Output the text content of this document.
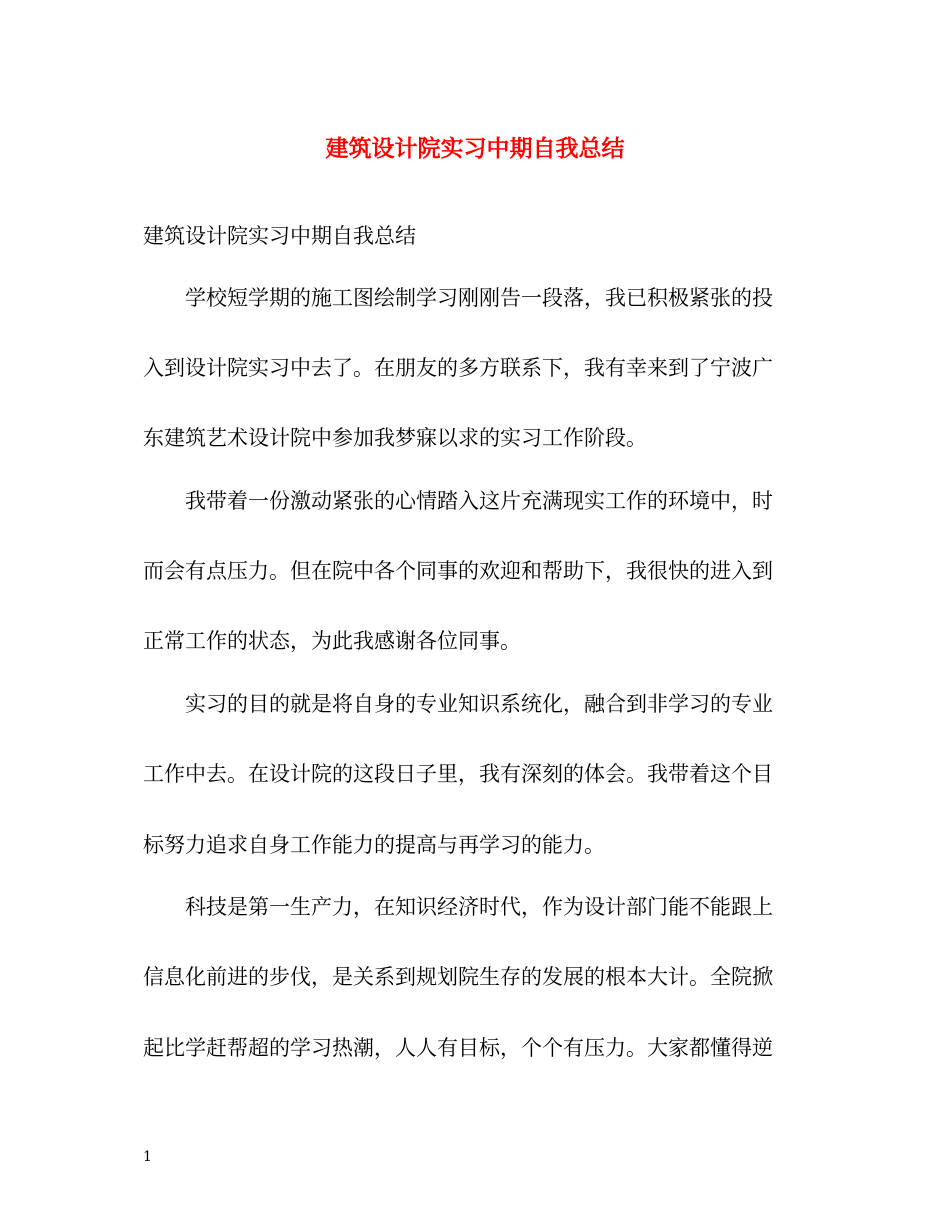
建筑设计院实习中期自我总结
建筑设计院实习中期自我总结
学校短学期的施工图绘制学习刚刚告一段落，我已积极紧张的投
入到设计院实习中去了。在朋友的多方联系下，我有幸来到了宁波广
东建筑艺术设计院中参加我梦寐以求的实习工作阶段。
我带着一份激动紧张的心情踏入这片充满现实工作的环境中，时
而会有点压力。但在院中各个同事的欢迎和帮助下，我很快的进入到
正常工作的状态，为此我感谢各位同事。
实习的目的就是将自身的专业知识系统化，融合到非学习的专业
工作中去。在设计院的这段日子里，我有深刻的体会。我带着这个目
标努力追求自身工作能力的提高与再学习的能力。
科技是第一生产力，在知识经济时代，作为设计部门能不能跟上
信息化前进的步伐，是关系到规划院生存的发展的根本大计。全院掀
起比学赶帮超的学习热潮，人人有目标，个个有压力。大家都懂得逆
1
